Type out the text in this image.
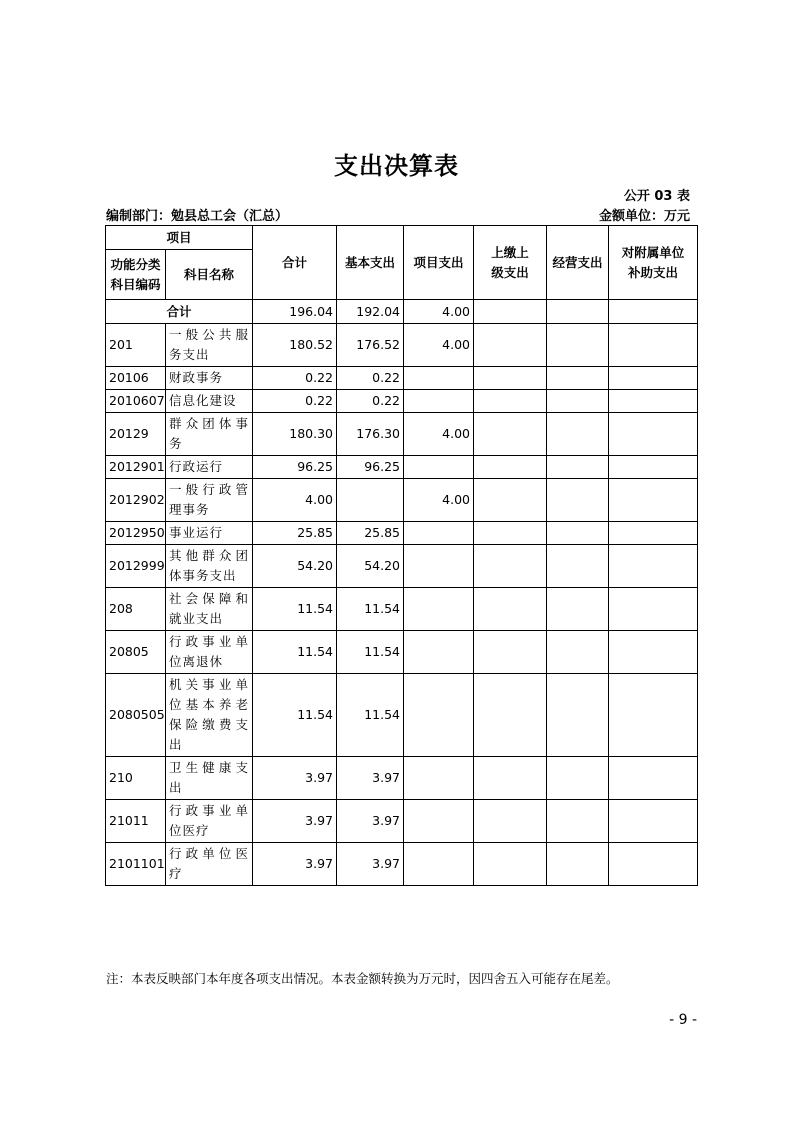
支出决算表
公开 03 表
编制部门：勉县总工会（汇总）	金额单位：万元
项目		合计	基本支出	项目支出	上缴上级支出	经营支出	对附属单位补助支出
功能分类科目编码	科目名称						
合计		196.04	192.04	4.00			
201	一般公共服务支出	180.52	176.52	4.00			
20106	财政事务	0.22	0.22				
2010607	信息化建设	0.22	0.22				
20129	群众团体事务	180.30	176.30	4.00			
2012901	行政运行	96.25	96.25				
2012902	一般行政管理事务	4.00		4.00			
2012950	事业运行	25.85	25.85				
2012999	其他群众团体事务支出	54.20	54.20				
208	社会保障和就业支出	11.54	11.54				
20805	行政事业单位离退休	11.54	11.54				
2080505	机关事业单位基本养老保险缴费支出	11.54	11.54				
210	卫生健康支出	3.97	3.97				
21011	行政事业单位医疗	3.97	3.97				
2101101	行政单位医疗	3.97	3.97				
注：本表反映部门本年度各项支出情况。本表金额转换为万元时，因四舍五入可能存在尾差。
- 9 -
